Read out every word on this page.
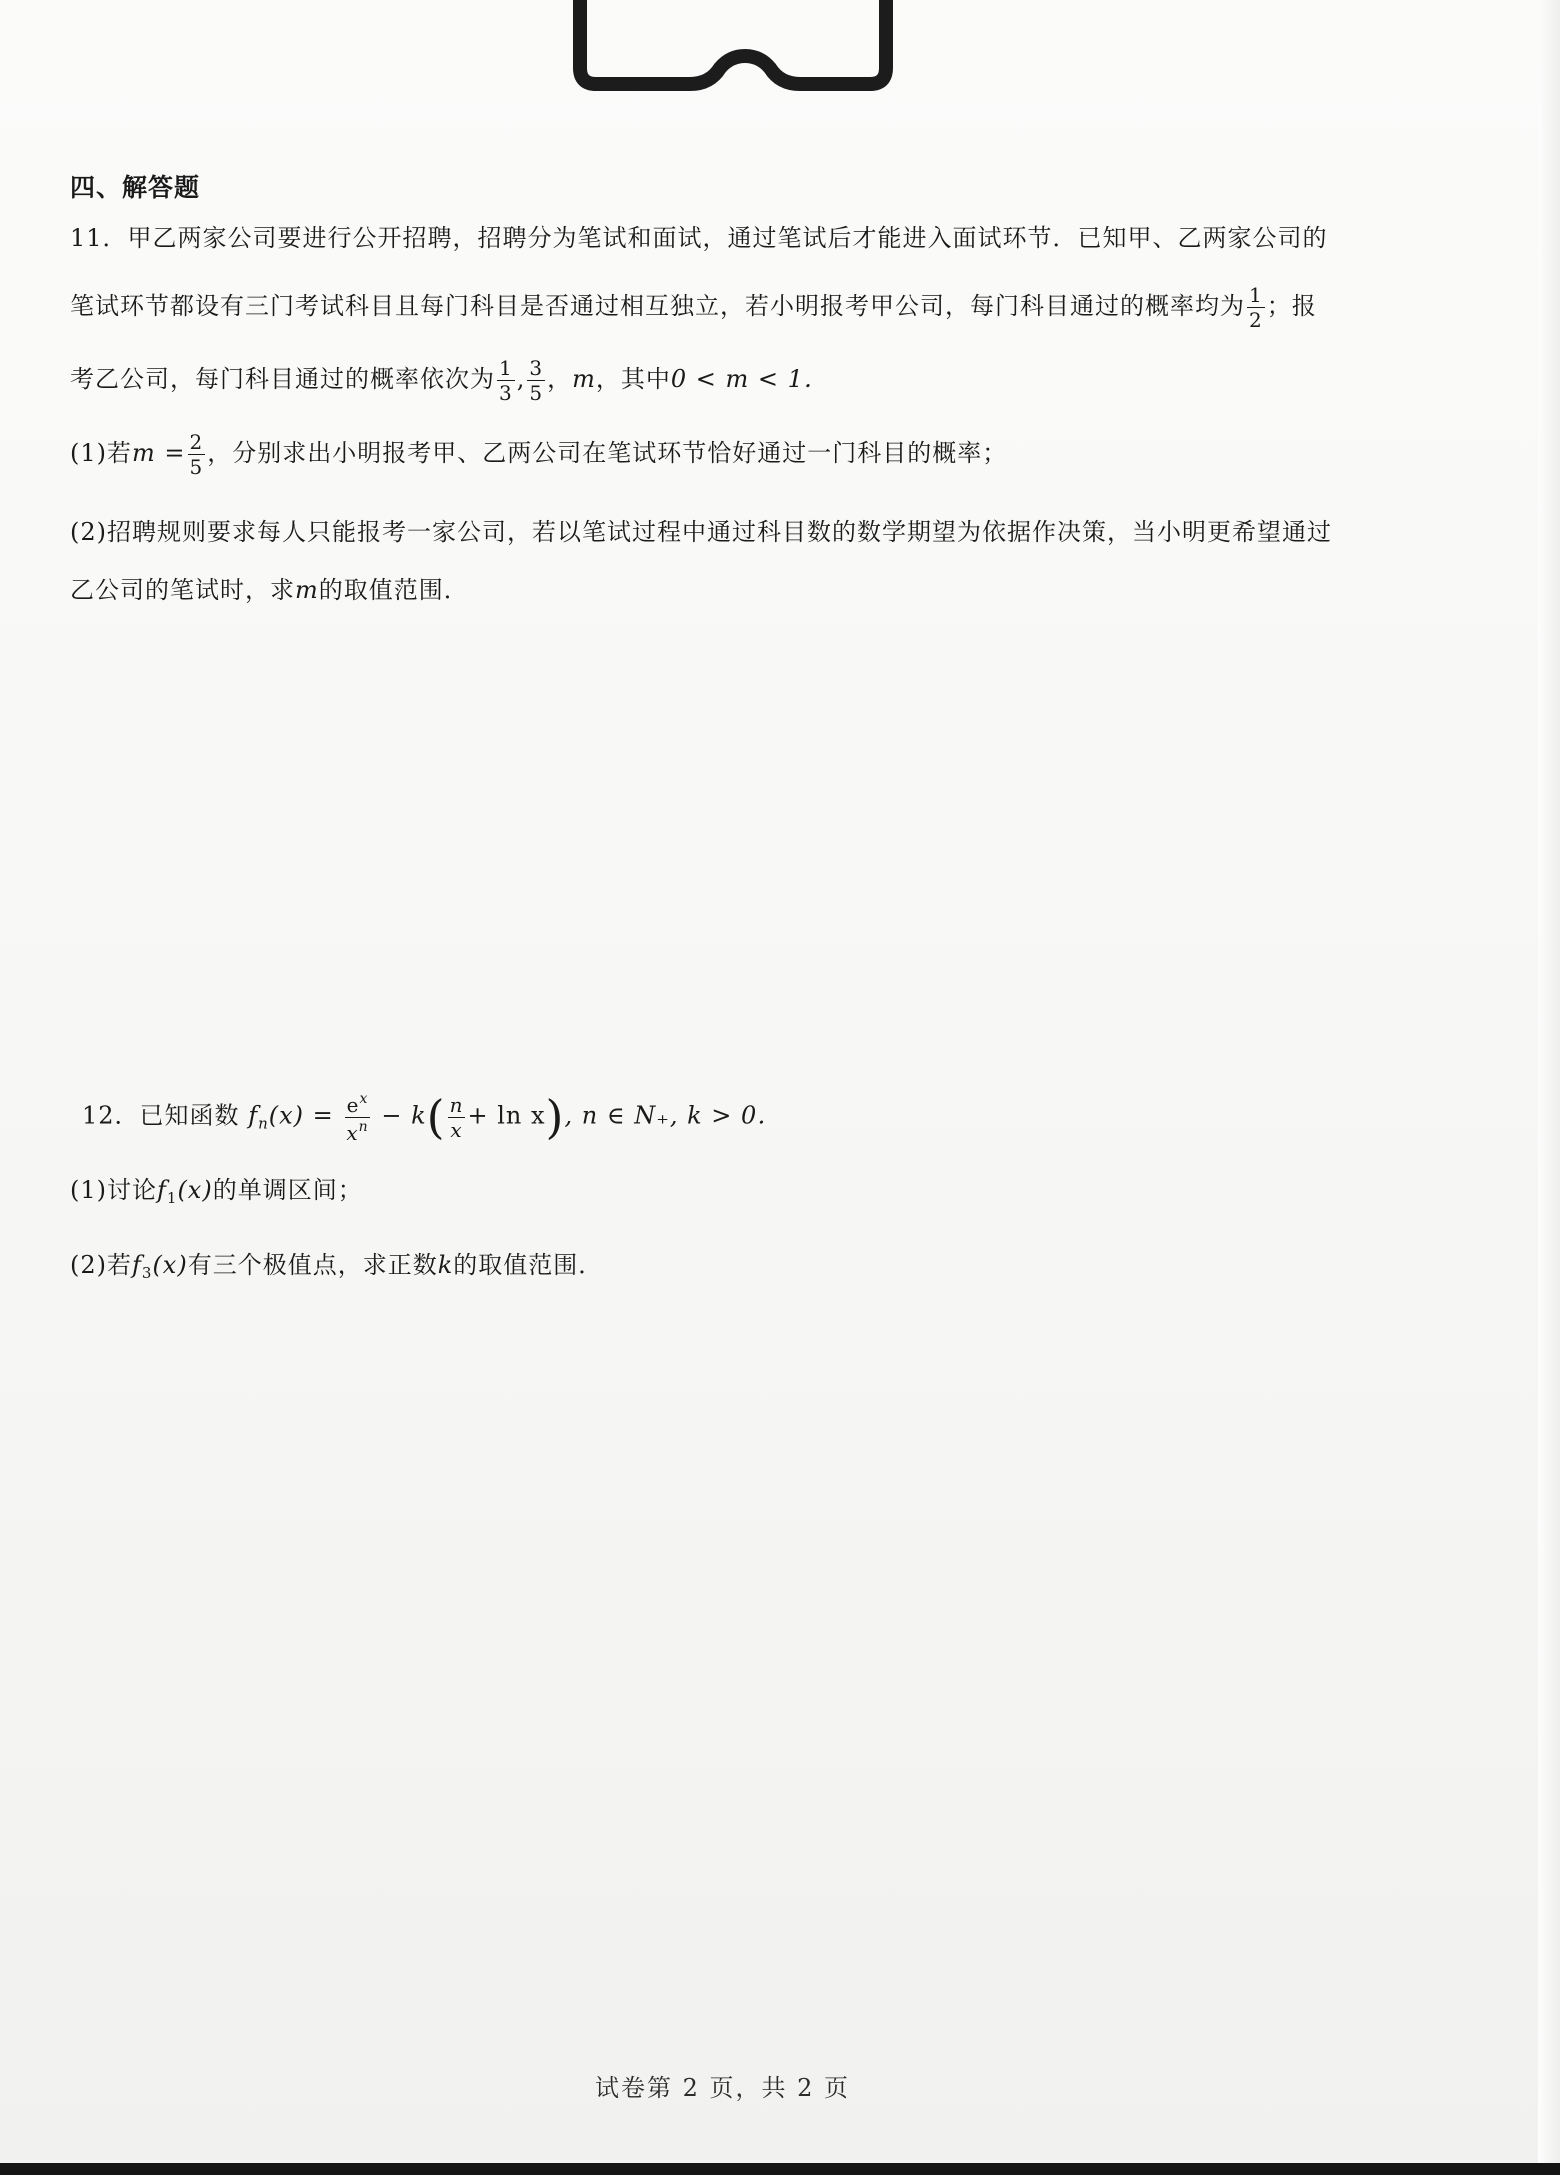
四、解答题
11．甲乙两家公司要进行公开招聘，招聘分为笔试和面试，通过笔试后才能进入面试环节．已知甲、乙两家公司的
笔试环节都设有三门考试科目且每门科目是否通过相互独立，若小明报考甲公司，每门科目通过的概率均为 $\frac{1}{2}$ ；报
考乙公司，每门科目通过的概率依次为 $\frac{1}{3}$ , $\frac{3}{5}$ ，m，其中0 < m < 1．
(1)若$m = \frac{2}{5}$ ，分别求出小明报考甲、乙两公司在笔试环节恰好通过一门科目的概率；
(2)招聘规则要求每人只能报考一家公司，若以笔试过程中通过科目数的数学期望为依据作决策，当小明更希望通过
乙公司的笔试时，求m的取值范围．
12．已知函数 $f_n(x) = \frac{e^x}{x^n} - k( \frac{n}{x} + \ln x)$, n ∈ N₊, k > 0．
(1)讨论$f_1(x)$的单调区间；
(2)若$f_3(x)$有三个极值点，求正数k的取值范围．
试卷第 2 页，共 2 页
